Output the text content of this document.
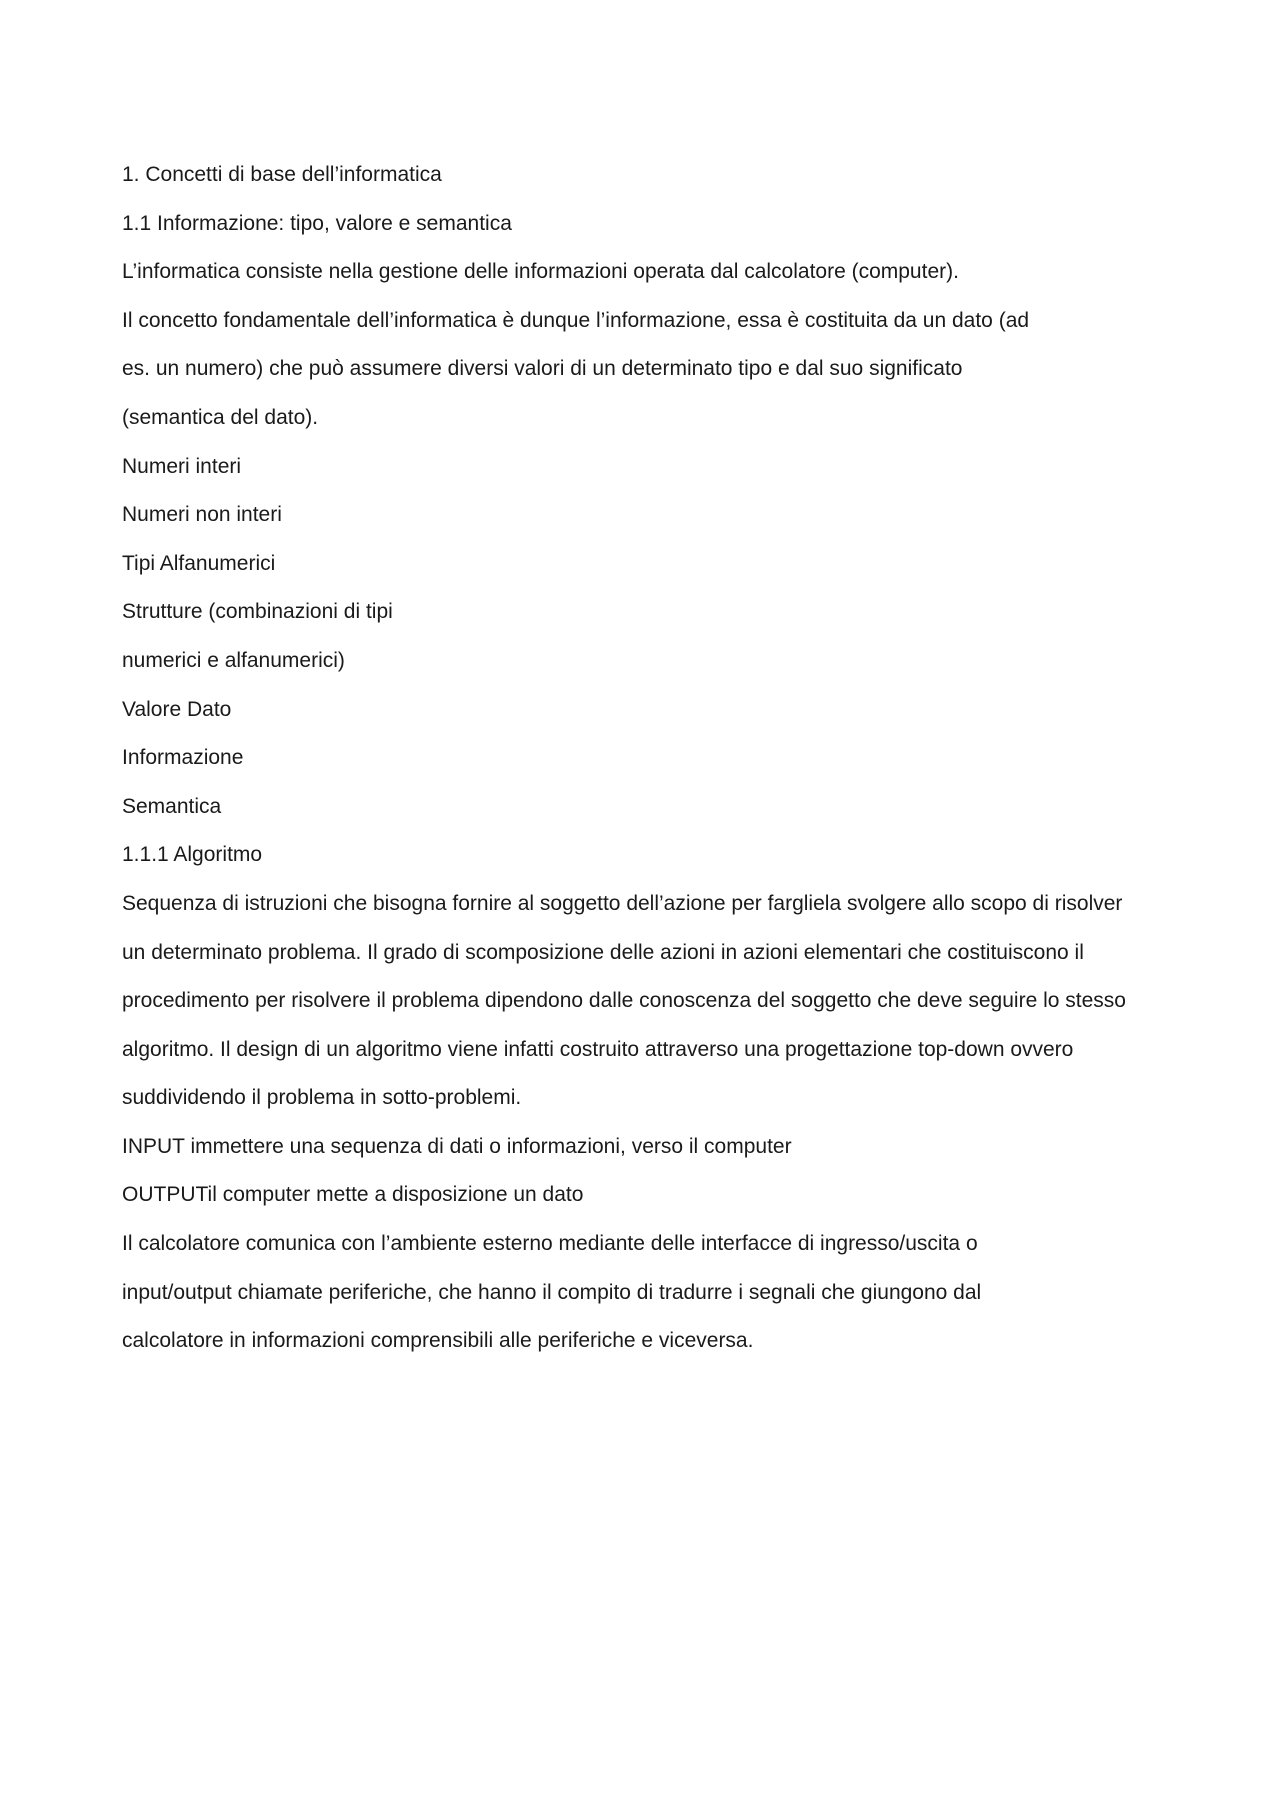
1. Concetti di base dell’informatica

1.1 Informazione: tipo, valore e semantica

L’informatica consiste nella gestione delle informazioni operata dal calcolatore (computer).

Il concetto fondamentale dell’informatica è dunque l’informazione, essa è costituita da un dato (ad

es. un numero) che può assumere diversi valori di un determinato tipo e dal suo significato

(semantica del dato).

Numeri interi

Numeri non interi

Tipi Alfanumerici

Strutture (combinazioni di tipi

numerici e alfanumerici)

Valore Dato

Informazione

Semantica

1.1.1 Algoritmo

Sequenza di istruzioni che bisogna fornire al soggetto dell’azione per fargliela svolgere allo scopo di risolver

un determinato problema. Il grado di scomposizione delle azioni in azioni elementari che costituiscono il

procedimento per risolvere il problema dipendono dalle conoscenza del soggetto che deve seguire lo stesso

algoritmo. Il design di un algoritmo viene infatti costruito attraverso una progettazione top-down ovvero

suddividendo il problema in sotto-problemi.

INPUT immettere una sequenza di dati o informazioni, verso il computer

OUTPUTil computer mette a disposizione un dato

Il calcolatore comunica con l’ambiente esterno mediante delle interfacce di ingresso/uscita o

input/output chiamate periferiche, che hanno il compito di tradurre i segnali che giungono dal

calcolatore in informazioni comprensibili alle periferiche e viceversa.
